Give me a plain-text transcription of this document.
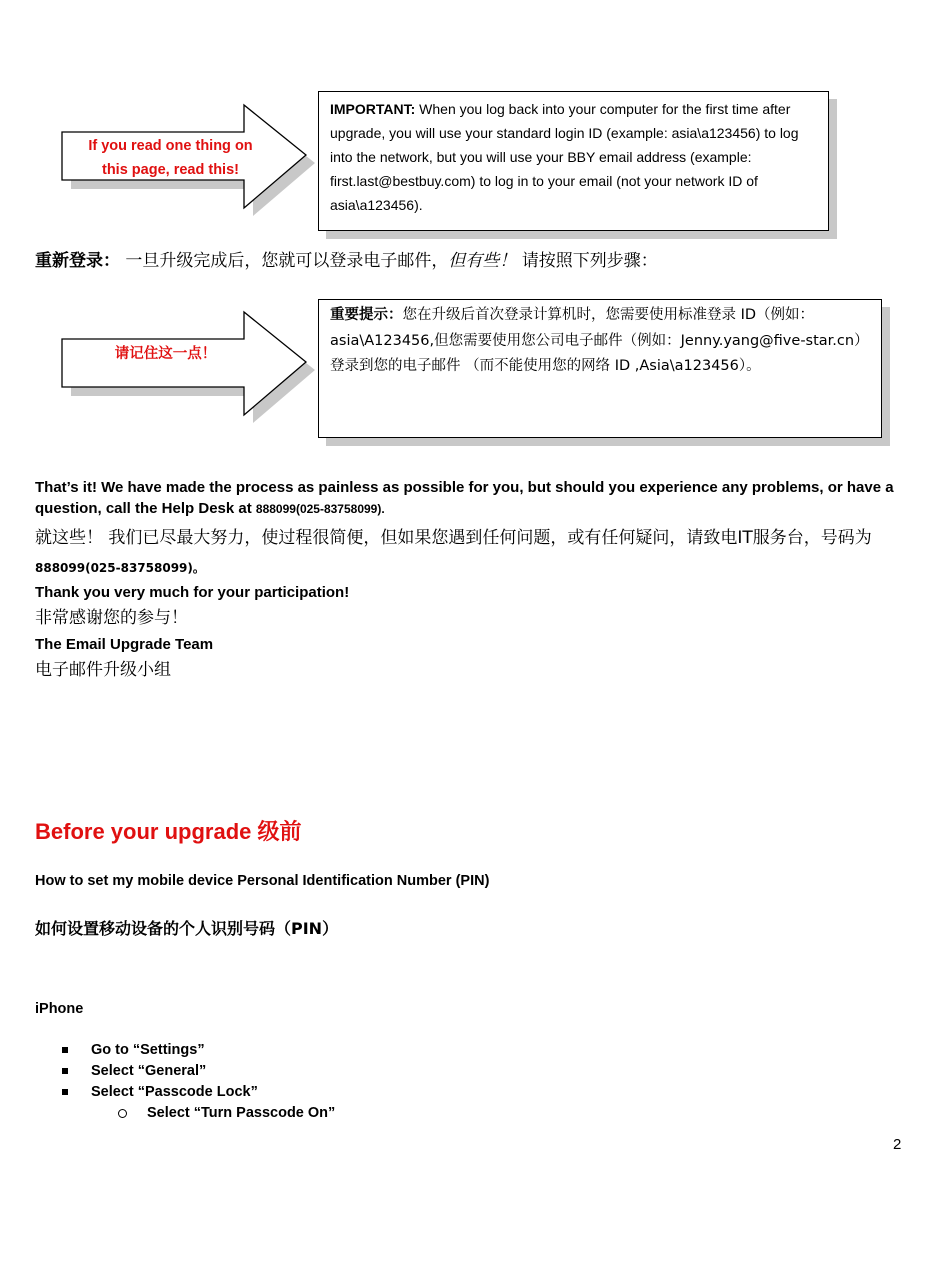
If you read one thing on this page, read this!
IMPORTANT: When you log back into your computer for the first time after upgrade, you will use your standard login ID (example: asia\a123456) to log into the network, but you will use your BBY email address (example: first.last@bestbuy.com) to log in to your email (not your network ID of asia\a123456).
重新登录： 一旦升级完成后，您就可以登录电子邮件，但有些！ 请按照下列步骤：
请记住这一点！
重要提示：您在升级后首次登录计算机时，您需要使用标准登录 ID（例如：asia\A123456,但您需要使用您公司电子邮件（例如：Jenny.yang@five-star.cn） 登录到您的电子邮件 （而不能使用您的网络 ID ,Asia\a123456）。
That’s it! We have made the process as painless as possible for you, but should you experience any problems, or have a question, call the Help Desk at 888099(025-83758099).
就这些！ 我们已尽最大努力，使过程很简便，但如果您遇到任何问题，或有任何疑问，请致电IT服务台，号码为888099(025-83758099)。
Thank you very much for your participation!
非常感谢您的参与！
The Email Upgrade Team
电子邮件升级小组
Before your upgrade 级前
How to set my mobile device Personal Identification Number (PIN)
如何设置移动设备的个人识别号码（PIN）
iPhone
Go to “Settings”
Select “General”
Select “Passcode Lock”
Select “Turn Passcode On”
2
